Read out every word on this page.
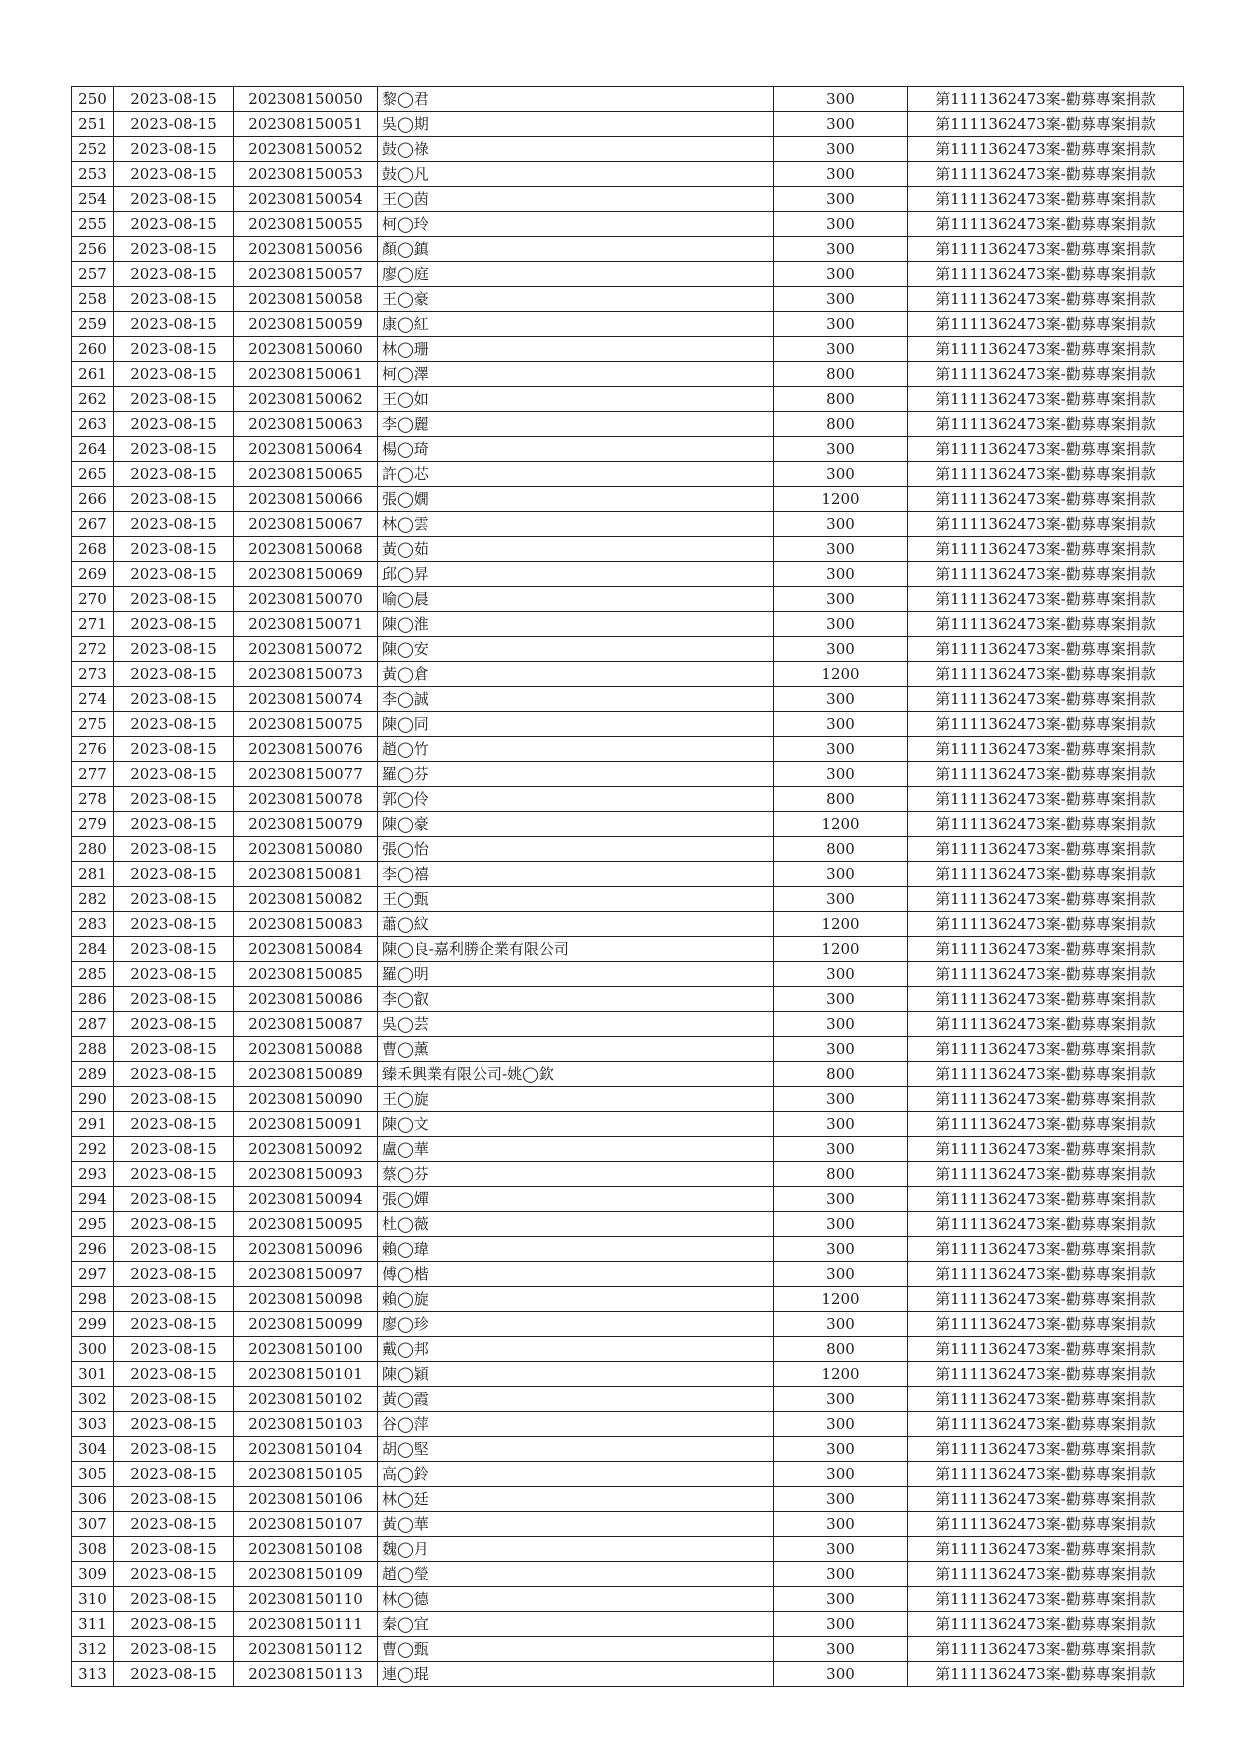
250	2023-08-15	202308150050	黎◯君	300	第1111362473案-勸募專案捐款
251	2023-08-15	202308150051	吳◯期	300	第1111362473案-勸募專案捐款
252	2023-08-15	202308150052	鼓◯祿	300	第1111362473案-勸募專案捐款
253	2023-08-15	202308150053	鼓◯凡	300	第1111362473案-勸募專案捐款
254	2023-08-15	202308150054	王◯茵	300	第1111362473案-勸募專案捐款
255	2023-08-15	202308150055	柯◯玲	300	第1111362473案-勸募專案捐款
256	2023-08-15	202308150056	顏◯鎮	300	第1111362473案-勸募專案捐款
257	2023-08-15	202308150057	廖◯庭	300	第1111362473案-勸募專案捐款
258	2023-08-15	202308150058	王◯豪	300	第1111362473案-勸募專案捐款
259	2023-08-15	202308150059	康◯紅	300	第1111362473案-勸募專案捐款
260	2023-08-15	202308150060	林◯珊	300	第1111362473案-勸募專案捐款
261	2023-08-15	202308150061	柯◯澤	800	第1111362473案-勸募專案捐款
262	2023-08-15	202308150062	王◯如	800	第1111362473案-勸募專案捐款
263	2023-08-15	202308150063	李◯麗	800	第1111362473案-勸募專案捐款
264	2023-08-15	202308150064	楊◯琦	300	第1111362473案-勸募專案捐款
265	2023-08-15	202308150065	許◯芯	300	第1111362473案-勸募專案捐款
266	2023-08-15	202308150066	張◯嫺	1200	第1111362473案-勸募專案捐款
267	2023-08-15	202308150067	林◯雲	300	第1111362473案-勸募專案捐款
268	2023-08-15	202308150068	黃◯茹	300	第1111362473案-勸募專案捐款
269	2023-08-15	202308150069	邱◯昇	300	第1111362473案-勸募專案捐款
270	2023-08-15	202308150070	喻◯晨	300	第1111362473案-勸募專案捐款
271	2023-08-15	202308150071	陳◯淮	300	第1111362473案-勸募專案捐款
272	2023-08-15	202308150072	陳◯安	300	第1111362473案-勸募專案捐款
273	2023-08-15	202308150073	黃◯倉	1200	第1111362473案-勸募專案捐款
274	2023-08-15	202308150074	李◯誠	300	第1111362473案-勸募專案捐款
275	2023-08-15	202308150075	陳◯同	300	第1111362473案-勸募專案捐款
276	2023-08-15	202308150076	趙◯竹	300	第1111362473案-勸募專案捐款
277	2023-08-15	202308150077	羅◯芬	300	第1111362473案-勸募專案捐款
278	2023-08-15	202308150078	郭◯伶	800	第1111362473案-勸募專案捐款
279	2023-08-15	202308150079	陳◯豪	1200	第1111362473案-勸募專案捐款
280	2023-08-15	202308150080	張◯怡	800	第1111362473案-勸募專案捐款
281	2023-08-15	202308150081	李◯禧	300	第1111362473案-勸募專案捐款
282	2023-08-15	202308150082	王◯甄	300	第1111362473案-勸募專案捐款
283	2023-08-15	202308150083	蕭◯紋	1200	第1111362473案-勸募專案捐款
284	2023-08-15	202308150084	陳◯良-嘉利勝企業有限公司	1200	第1111362473案-勸募專案捐款
285	2023-08-15	202308150085	羅◯明	300	第1111362473案-勸募專案捐款
286	2023-08-15	202308150086	李◯叡	300	第1111362473案-勸募專案捐款
287	2023-08-15	202308150087	吳◯芸	300	第1111362473案-勸募專案捐款
288	2023-08-15	202308150088	曹◯薰	300	第1111362473案-勸募專案捐款
289	2023-08-15	202308150089	臻禾興業有限公司-姚◯欽	800	第1111362473案-勸募專案捐款
290	2023-08-15	202308150090	王◯旋	300	第1111362473案-勸募專案捐款
291	2023-08-15	202308150091	陳◯文	300	第1111362473案-勸募專案捐款
292	2023-08-15	202308150092	盧◯華	300	第1111362473案-勸募專案捐款
293	2023-08-15	202308150093	蔡◯芬	800	第1111362473案-勸募專案捐款
294	2023-08-15	202308150094	張◯嬋	300	第1111362473案-勸募專案捐款
295	2023-08-15	202308150095	杜◯薇	300	第1111362473案-勸募專案捐款
296	2023-08-15	202308150096	賴◯瑋	300	第1111362473案-勸募專案捐款
297	2023-08-15	202308150097	傅◯楷	300	第1111362473案-勸募專案捐款
298	2023-08-15	202308150098	賴◯旋	1200	第1111362473案-勸募專案捐款
299	2023-08-15	202308150099	廖◯珍	300	第1111362473案-勸募專案捐款
300	2023-08-15	202308150100	戴◯邦	800	第1111362473案-勸募專案捐款
301	2023-08-15	202308150101	陳◯穎	1200	第1111362473案-勸募專案捐款
302	2023-08-15	202308150102	黃◯霞	300	第1111362473案-勸募專案捐款
303	2023-08-15	202308150103	谷◯萍	300	第1111362473案-勸募專案捐款
304	2023-08-15	202308150104	胡◯堅	300	第1111362473案-勸募專案捐款
305	2023-08-15	202308150105	高◯鈴	300	第1111362473案-勸募專案捐款
306	2023-08-15	202308150106	林◯廷	300	第1111362473案-勸募專案捐款
307	2023-08-15	202308150107	黃◯華	300	第1111362473案-勸募專案捐款
308	2023-08-15	202308150108	魏◯月	300	第1111362473案-勸募專案捐款
309	2023-08-15	202308150109	趙◯瑩	300	第1111362473案-勸募專案捐款
310	2023-08-15	202308150110	林◯德	300	第1111362473案-勸募專案捐款
311	2023-08-15	202308150111	秦◯宜	300	第1111362473案-勸募專案捐款
312	2023-08-15	202308150112	曹◯甄	300	第1111362473案-勸募專案捐款
313	2023-08-15	202308150113	連◯琨	300	第1111362473案-勸募專案捐款
